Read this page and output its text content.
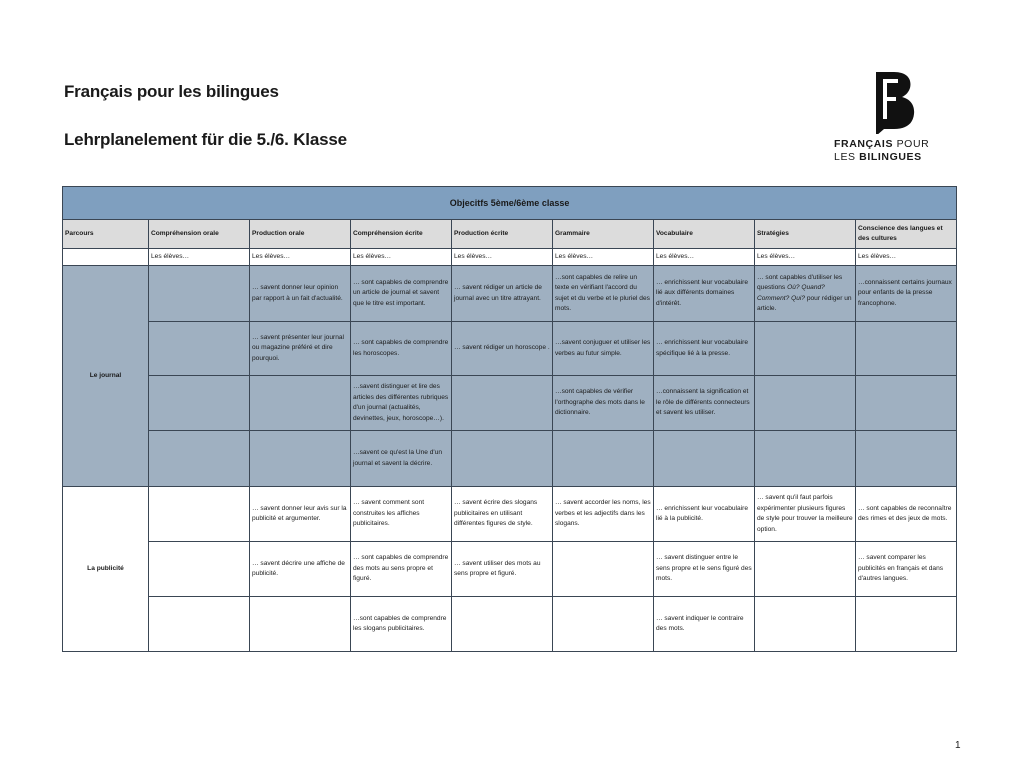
Français pour les bilingues
Lehrplanelement für die 5./6. Klasse	FRANÇAIS POUR
LES BILINGUES
Objecitfs 5ème/6ème classe								
Parcours	Compréhension orale	Production orale	Compréhension écrite	Production écrite	Grammaire	Vocabulaire	Stratégies	Conscience des langues et des cultures
	Les élèves…	Les élèves…	Les élèves…	Les élèves…	Les élèves…	Les élèves…	Les élèves…	Les élèves…
Le journal		… savent donner leur opinion par rapport à un fait d'actualité.	… sont capables de comprendre un article de journal et savent que le titre est important.	… savent rédiger un article de journal avec un titre attrayant.	…sont capables de relire un texte en vérifiant l'accord du sujet et du verbe et le pluriel des mots.	… enrichissent leur vocabulaire lié aux différents domaines d'intérêt.	… sont capables d'utiliser les questions Où? Quand? Comment? Qui? pour rédiger un article.	…connaissent certains journaux pour enfants de la presse francophone.
		… savent présenter leur journal ou magazine préféré et dire pourquoi.	… sont capables de comprendre les horoscopes.	… savent rédiger un horoscope .	…savent conjuguer et utiliser les verbes au futur simple.	… enrichissent leur vocabulaire spécifique lié à la presse.		
			…savent distinguer et lire des articles des différentes rubriques d'un journal (actualités, devinettes, jeux, horoscope…).		…sont capables de vérifier l'orthographe des mots dans le dictionnaire.	…connaissent la signification et le rôle de différents connecteurs et savent les utiliser.		
			…savent ce qu'est la Une d'un journal et savent la décrire.					
La publicité		… savent donner leur avis sur la publicité et argumenter.	… savent comment sont construites les affiches publicitaires.	… savent écrire des slogans publicitaires en utilisant différentes figures de style.	… savent accorder les noms, les verbes et les adjectifs dans les slogans.	… enrichissent leur vocabulaire lié à la publicité.	… savent qu'il faut parfois expérimenter plusieurs figures de style pour trouver la meilleure option.	… sont capables de reconnaître des rimes et des jeux de mots.
		… savent décrire une affiche de publicité.	… sont capables de comprendre des mots au sens propre et figuré.	… savent utiliser des mots au sens propre et figuré.		… savent distinguer entre le sens propre et le sens figuré des mots.		… savent comparer les publicités en français et dans d'autres langues.
			…sont capables de comprendre les slogans publicitaires.			… savent indiquer le contraire des mots.		
1
